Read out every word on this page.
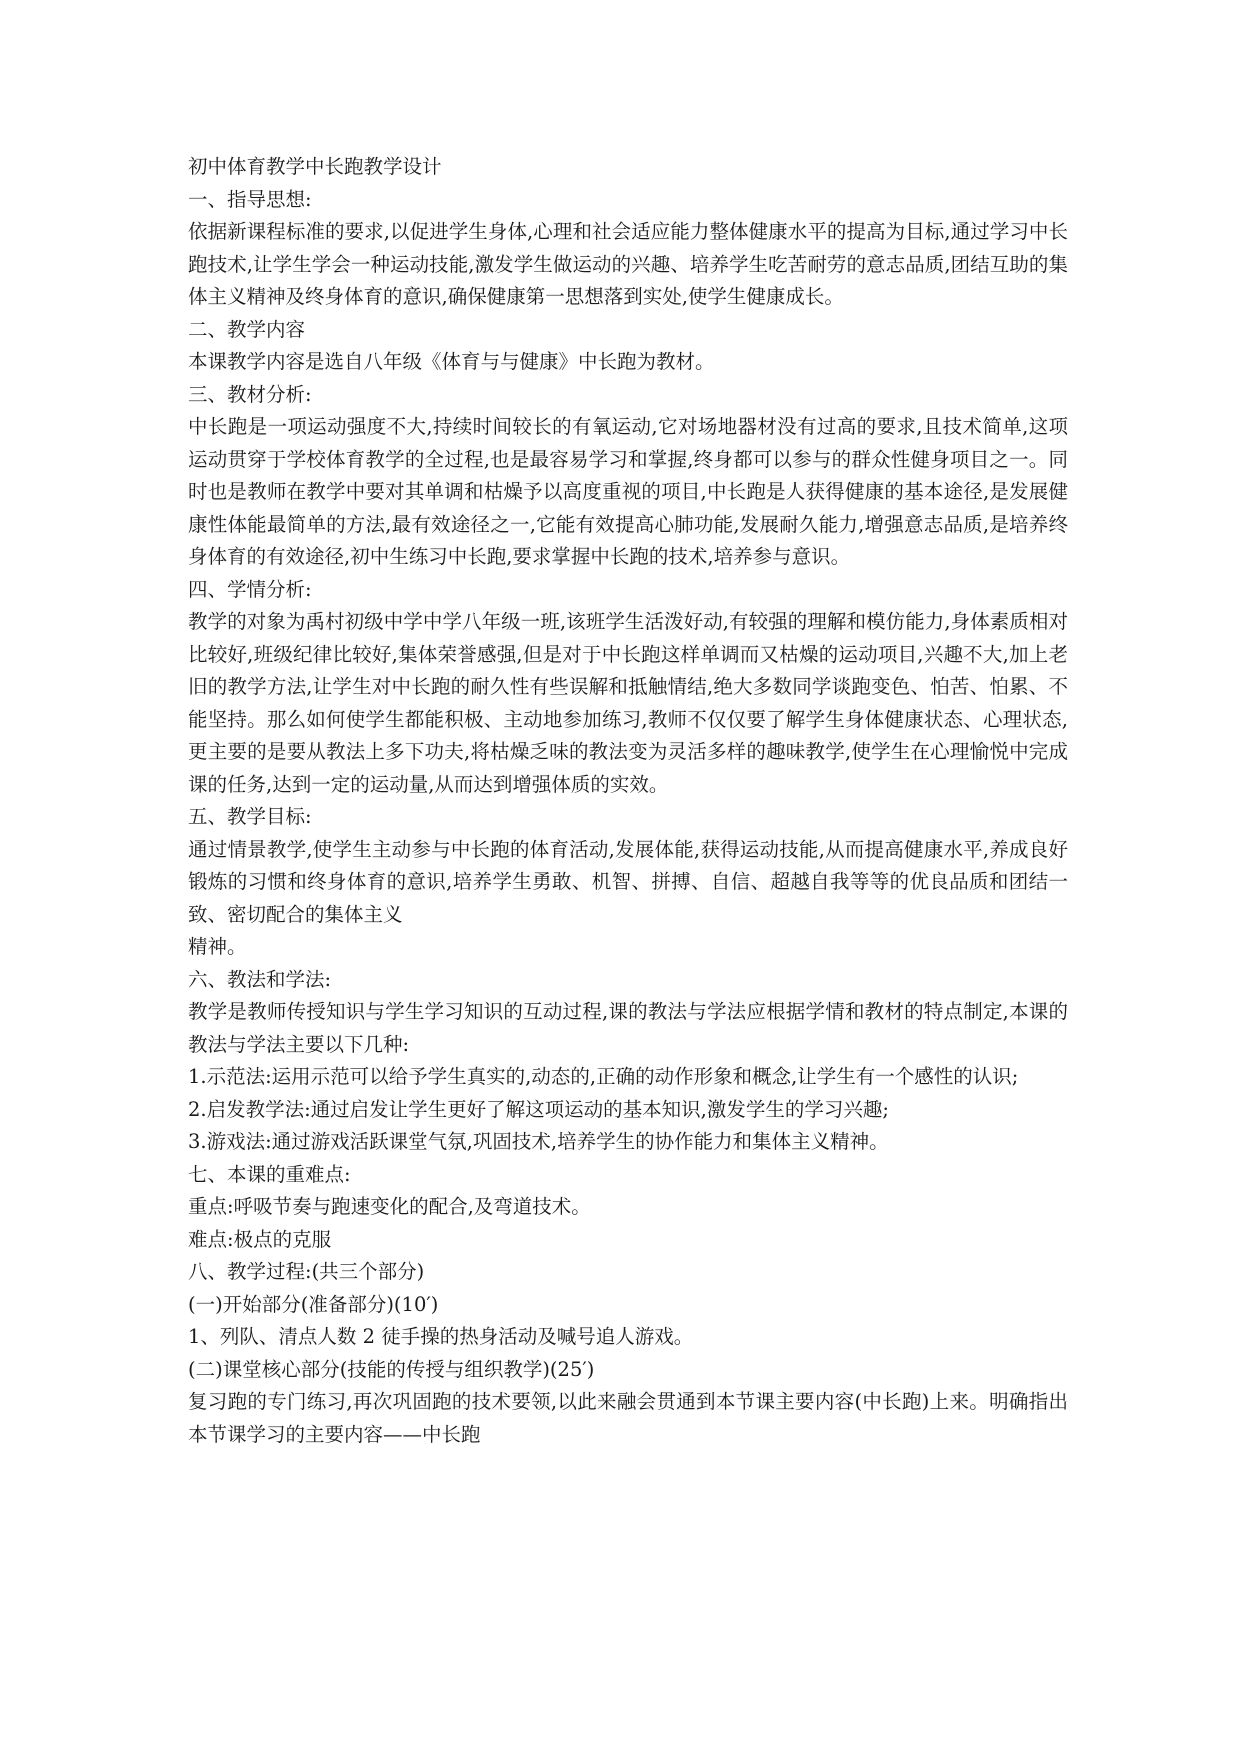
初中体育教学中长跑教学设计

一、指导思想:

依据新课程标准的要求,以促进学生身体,心理和社会适应能力整体健康水平的提高为目标,通过学习中长跑技术,让学生学会一种运动技能,激发学生做运动的兴趣、培养学生吃苦耐劳的意志品质,团结互助的集体主义精神及终身体育的意识,确保健康第一思想落到实处,使学生健康成长。

二、教学内容

本课教学内容是选自八年级《体育与与健康》中长跑为教材。

三、教材分析:

中长跑是一项运动强度不大,持续时间较长的有氧运动,它对场地器材没有过高的要求,且技术简单,这项运动贯穿于学校体育教学的全过程,也是最容易学习和掌握,终身都可以参与的群众性健身项目之一。同时也是教师在教学中要对其单调和枯燥予以高度重视的项目,中长跑是人获得健康的基本途径,是发展健康性体能最简单的方法,最有效途径之一,它能有效提高心肺功能,发展耐久能力,增强意志品质,是培养终身体育的有效途径,初中生练习中长跑,要求掌握中长跑的技术,培养参与意识。

四、学情分析:

教学的对象为禹村初级中学中学八年级一班,该班学生活泼好动,有较强的理解和模仿能力,身体素质相对比较好,班级纪律比较好,集体荣誉感强,但是对于中长跑这样单调而又枯燥的运动项目,兴趣不大,加上老旧的教学方法,让学生对中长跑的耐久性有些误解和抵触情结,绝大多数同学谈跑变色、怕苦、怕累、不能坚持。那么如何使学生都能积极、主动地参加练习,教师不仅仅要了解学生身体健康状态、心理状态,更主要的是要从教法上多下功夫,将枯燥乏味的教法变为灵活多样的趣味教学,使学生在心理愉悦中完成课的任务,达到一定的运动量,从而达到增强体质的实效。

五、教学目标:

通过情景教学,使学生主动参与中长跑的体育活动,发展体能,获得运动技能,从而提高健康水平,养成良好锻炼的习惯和终身体育的意识,培养学生勇敢、机智、拼搏、自信、超越自我等等的优良品质和团结一致、密切配合的集体主义

精神。

六、教法和学法:

教学是教师传授知识与学生学习知识的互动过程,课的教法与学法应根据学情和教材的特点制定,本课的教法与学法主要以下几种:

1.示范法:运用示范可以给予学生真实的,动态的,正确的动作形象和概念,让学生有一个感性的认识;

2.启发教学法:通过启发让学生更好了解这项运动的基本知识,激发学生的学习兴趣;

3.游戏法:通过游戏活跃课堂气氛,巩固技术,培养学生的协作能力和集体主义精神。

七、本课的重难点:

重点:呼吸节奏与跑速变化的配合,及弯道技术。

难点:极点的克服

八、教学过程:(共三个部分)

(一)开始部分(准备部分)(10′)

1、列队、清点人数 2 徒手操的热身活动及喊号追人游戏。

(二)课堂核心部分(技能的传授与组织教学)(25′)

复习跑的专门练习,再次巩固跑的技术要领,以此来融会贯通到本节课主要内容(中长跑)上来。明确指出本节课学习的主要内容——中长跑
